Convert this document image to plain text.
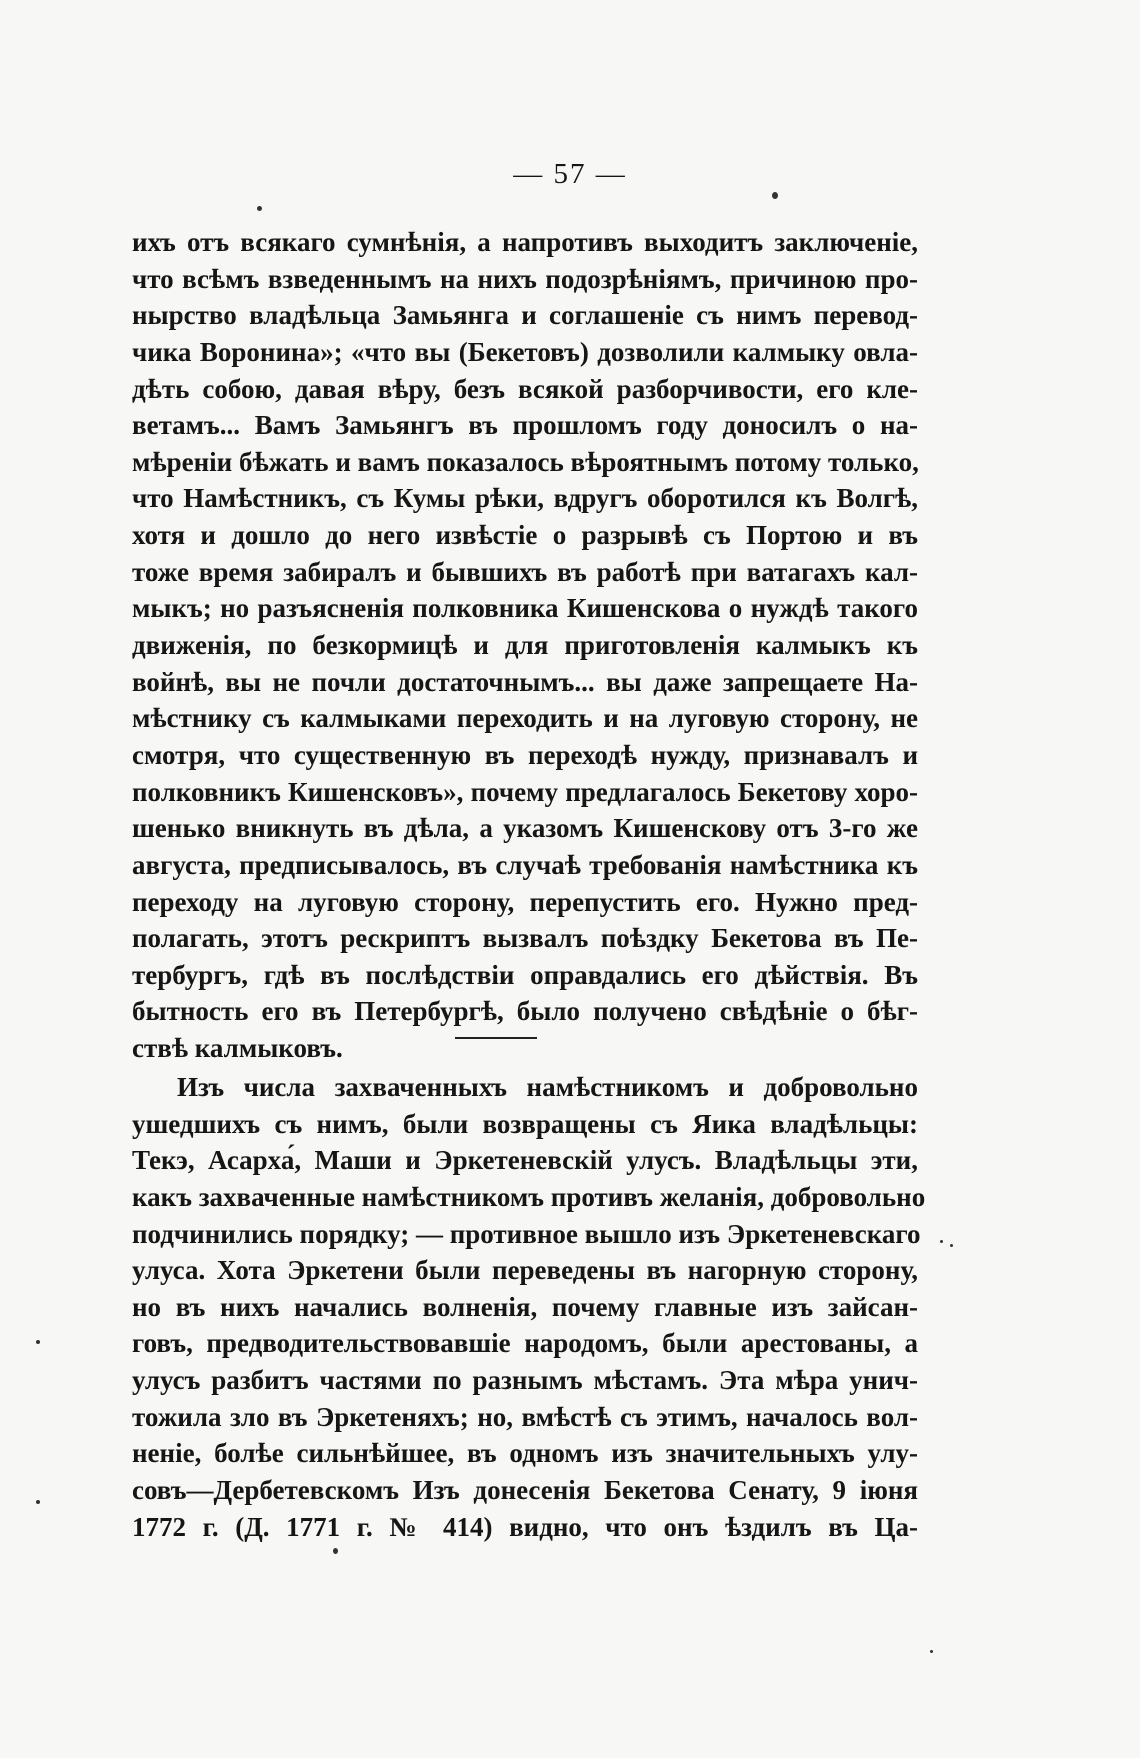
— 57 —
ихъ отъ всякаго сумнѣнія, а напротивъ выходитъ заключеніе,
что всѣмъ взведеннымъ на нихъ подозрѣніямъ, причиною про-
нырство владѣльца Замьянга и соглашеніе съ нимъ перевод-
чика Воронина»; «что вы (Бекетовъ) дозволили калмыку овла-
дѣть собою, давая вѣру, безъ всякой разборчивости, его кле-
ветамъ... Вамъ Замьянгъ въ прошломъ году доносилъ о на-
мѣреніи бѣжать и вамъ показалось вѣроятнымъ потому только,
что Намѣстникъ, съ Кумы рѣки, вдругъ оборотился къ Волгѣ,
хотя и дошло до него извѣстіе о разрывѣ съ Портою и въ
тоже время забиралъ и бывшихъ въ работѣ при ватагахъ кал-
мыкъ; но разъясненія полковника Кишенскова о нуждѣ такого
движенія, по безкормицѣ и для приготовленія калмыкъ къ
войнѣ, вы не почли достаточнымъ... вы даже запрещаете На-
мѣстнику съ калмыками переходить и на луговую сторону, не
смотря, что существенную въ переходѣ нужду, признавалъ и
полковникъ Кишенсковъ», почему предлагалось Бекетову хоро-
шенько вникнуть въ дѣла, а указомъ Кишенскову отъ 3-го же
августа, предписывалось, въ случаѣ требованія намѣстника къ
переходу на луговую сторону, перепустить его. Нужно пред-
полагать, этотъ рескриптъ вызвалъ поѣздку Бекетова въ Пе-
тербургъ, гдѣ въ послѣдствіи оправдались его дѣйствія. Въ
бытность его въ Петербургѣ, было получено свѣдѣніе о бѣг-
ствѣ калмыковъ.
Изъ числа захваченныхъ намѣстникомъ и добровольно
ушедшихъ съ нимъ, были возвращены съ Яика владѣльцы:
Текэ, Асарха́, Маши и Эркетеневскій улусъ. Владѣльцы эти,
какъ захваченные намѣстникомъ противъ желанія, добровольно
подчинились порядку; — противное вышло изъ Эркетеневскаго
улуса. Хота Эркетени были переведены въ нагорную сторону,
но въ нихъ начались волненія, почему главные изъ зайсан-
говъ, предводительствовавшіе народомъ, были арестованы, а
улусъ разбитъ частями по разнымъ мѣстамъ. Эта мѣра унич-
тожила зло въ Эркетеняхъ; но, вмѣстѣ съ этимъ, началось вол-
неніе, болѣе сильнѣйшее, въ одномъ изъ значительныхъ улу-
совъ—Дербетевскомъ Изъ донесенія Бекетова Сенату, 9 іюня
1772 г. (Д. 1771 г. № 414) видно, что онъ ѣздилъ въ Ца-
